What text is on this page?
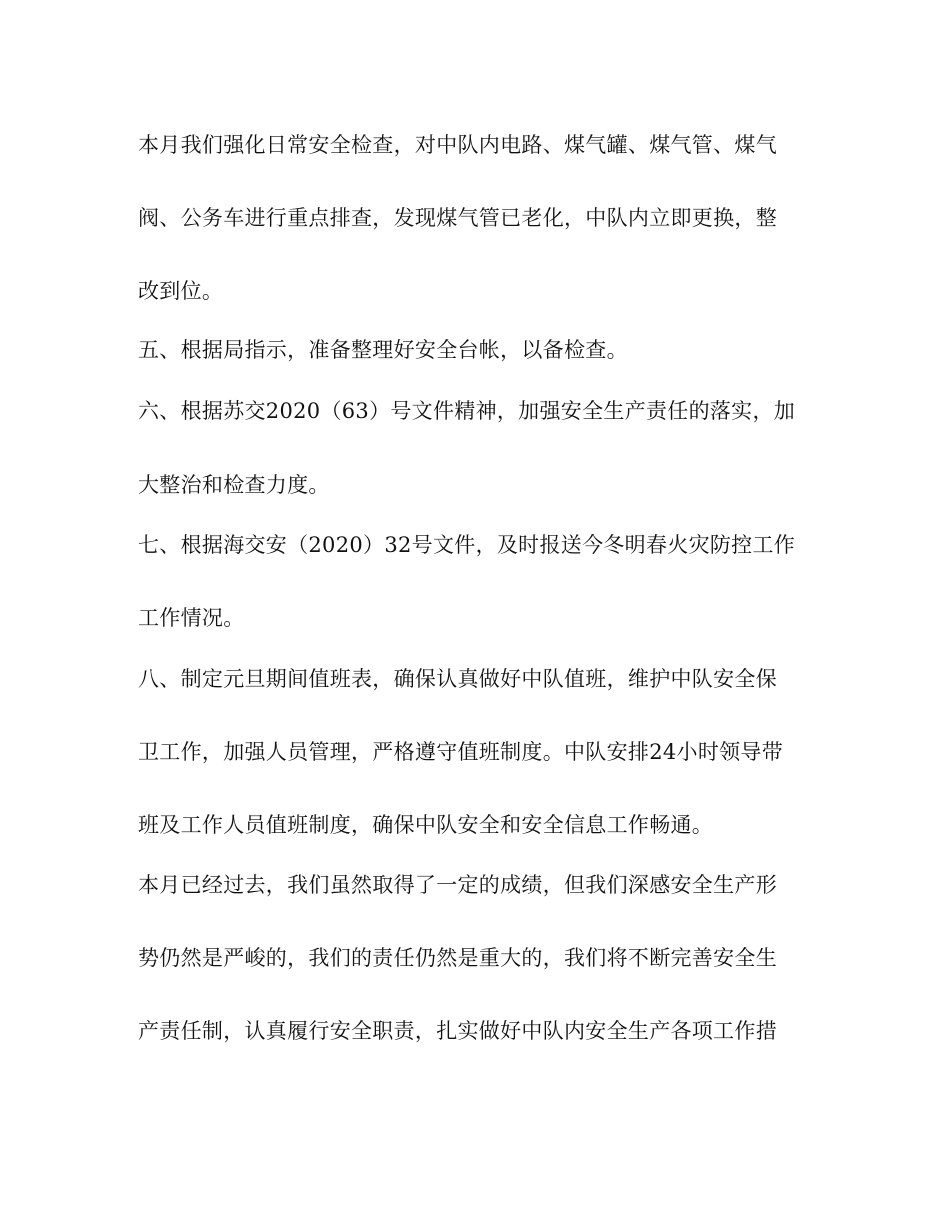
本月我们强化日常安全检查，对中队内电路、煤气罐、煤气管、煤气
阀、公务车进行重点排查，发现煤气管已老化，中队内立即更换，整
改到位。
五、根据局指示，准备整理好安全台帐，以备检查。
六、根据苏交2020（63）号文件精神，加强安全生产责任的落实，加
大整治和检查力度。
七、根据海交安（2020）32号文件，及时报送今冬明春火灾防控工作
工作情况。
八、制定元旦期间值班表，确保认真做好中队值班，维护中队安全保
卫工作，加强人员管理，严格遵守值班制度。中队安排24小时领导带
班及工作人员值班制度，确保中队安全和安全信息工作畅通。
本月已经过去，我们虽然取得了一定的成绩，但我们深感安全生产形
势仍然是严峻的，我们的责任仍然是重大的，我们将不断完善安全生
产责任制，认真履行安全职责，扎实做好中队内安全生产各项工作措
